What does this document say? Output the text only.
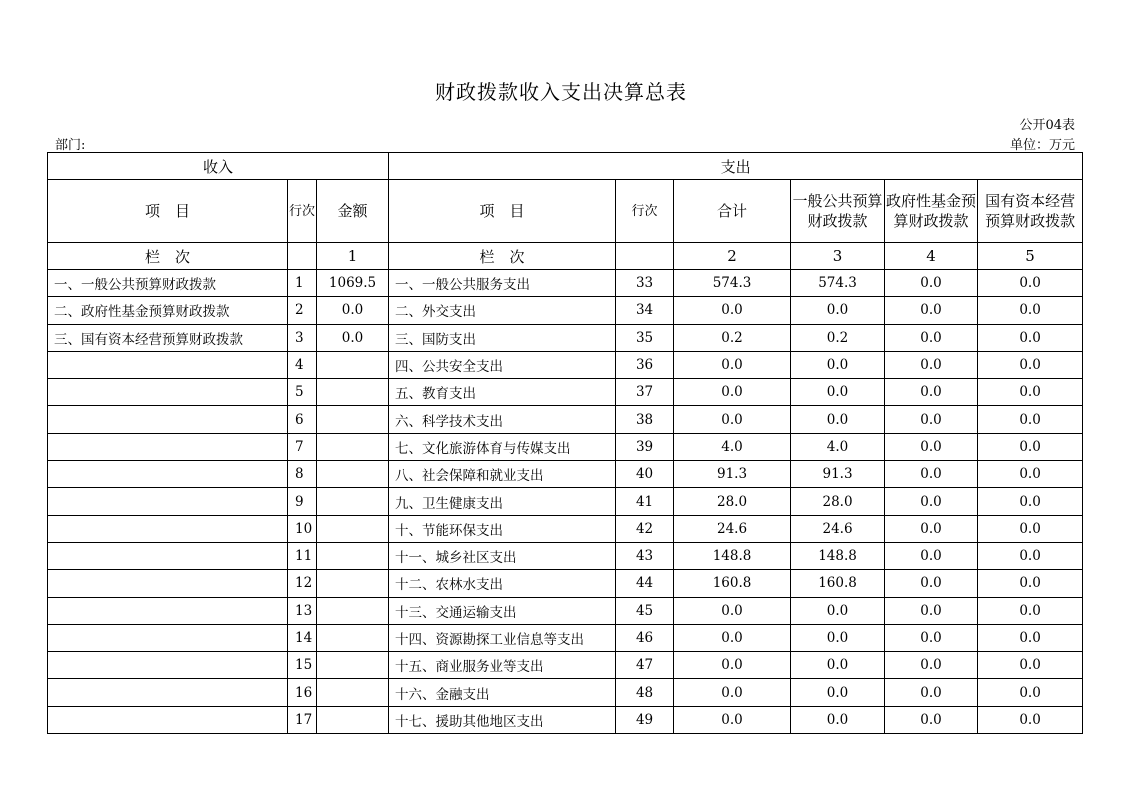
财政拨款收入支出决算总表
公开04表
部门:	单位：万元
收入			支出					
项　目	行次	金额	项　目	行次	合计	一般公共预算财政拨款	政府性基金预算财政拨款	国有资本经营预算财政拨款
栏　次		1	栏　次		2	3	4	5
一、一般公共预算财政拨款	1	1069.5	一、一般公共服务支出	33	574.3	574.3	0.0	0.0
二、政府性基金预算财政拨款	2	0.0	二、外交支出	34	0.0	0.0	0.0	0.0
三、国有资本经营预算财政拨款	3	0.0	三、国防支出	35	0.2	0.2	0.0	0.0
	4		四、公共安全支出	36	0.0	0.0	0.0	0.0
	5		五、教育支出	37	0.0	0.0	0.0	0.0
	6		六、科学技术支出	38	0.0	0.0	0.0	0.0
	7		七、文化旅游体育与传媒支出	39	4.0	4.0	0.0	0.0
	8		八、社会保障和就业支出	40	91.3	91.3	0.0	0.0
	9		九、卫生健康支出	41	28.0	28.0	0.0	0.0
	10		十、节能环保支出	42	24.6	24.6	0.0	0.0
	11		十一、城乡社区支出	43	148.8	148.8	0.0	0.0
	12		十二、农林水支出	44	160.8	160.8	0.0	0.0
	13		十三、交通运输支出	45	0.0	0.0	0.0	0.0
	14		十四、资源勘探工业信息等支出	46	0.0	0.0	0.0	0.0
	15		十五、商业服务业等支出	47	0.0	0.0	0.0	0.0
	16		十六、金融支出	48	0.0	0.0	0.0	0.0
	17		十七、援助其他地区支出	49	0.0	0.0	0.0	0.0
